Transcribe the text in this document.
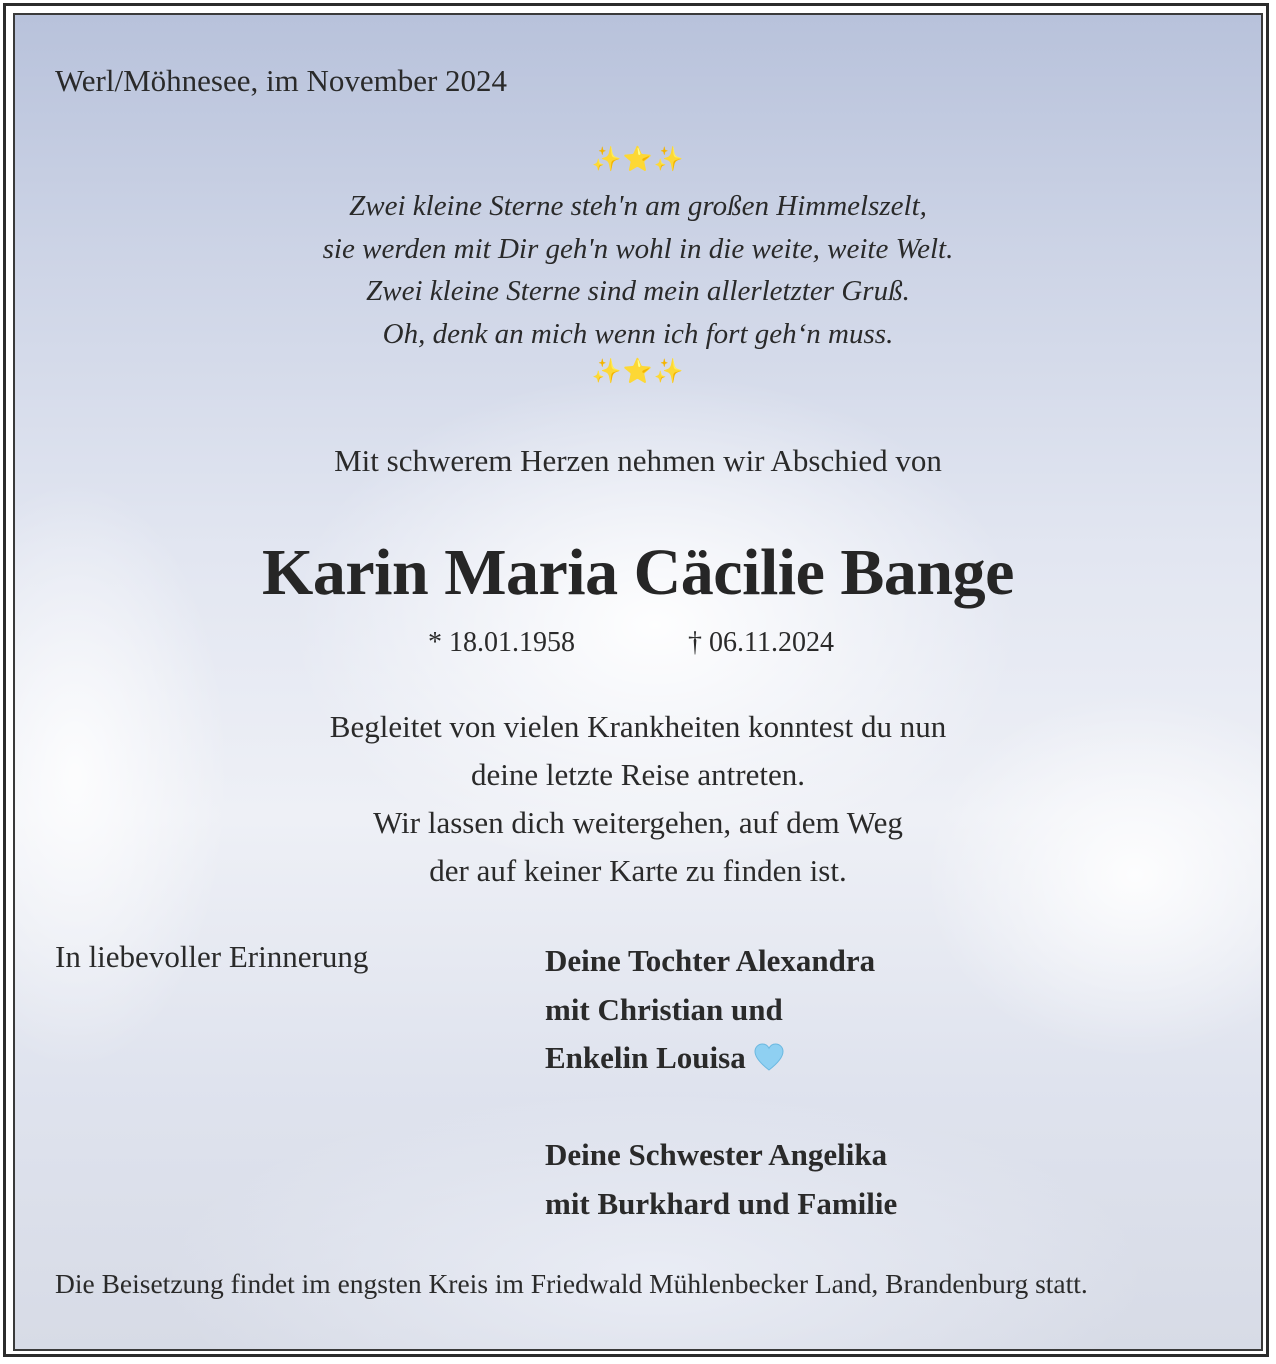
Werl/Möhnesee, im November 2024
✨⭐✨
Zwei kleine Sterne steh'n am großen Himmelszelt,
sie werden mit Dir geh'n wohl in die weite, weite Welt.
Zwei kleine Sterne sind mein allerletzter Gruß.
Oh, denk an mich wenn ich fort geh‘n muss.
✨⭐✨
Mit schwerem Herzen nehmen wir Abschied von
Karin Maria Cäcilie Bange
* 18.01.1958	† 06.11.2024
Begleitet von vielen Krankheiten konntest du nun
deine letzte Reise antreten.
Wir lassen dich weitergehen, auf dem Weg
der auf keiner Karte zu finden ist.
In liebevoller Erinnerung	Deine Tochter Alexandra
mit Christian und
Enkelin Louisa
Deine Schwester Angelika
mit Burkhard und Familie
Die Beisetzung findet im engsten Kreis im Friedwald Mühlenbecker Land, Brandenburg statt.
